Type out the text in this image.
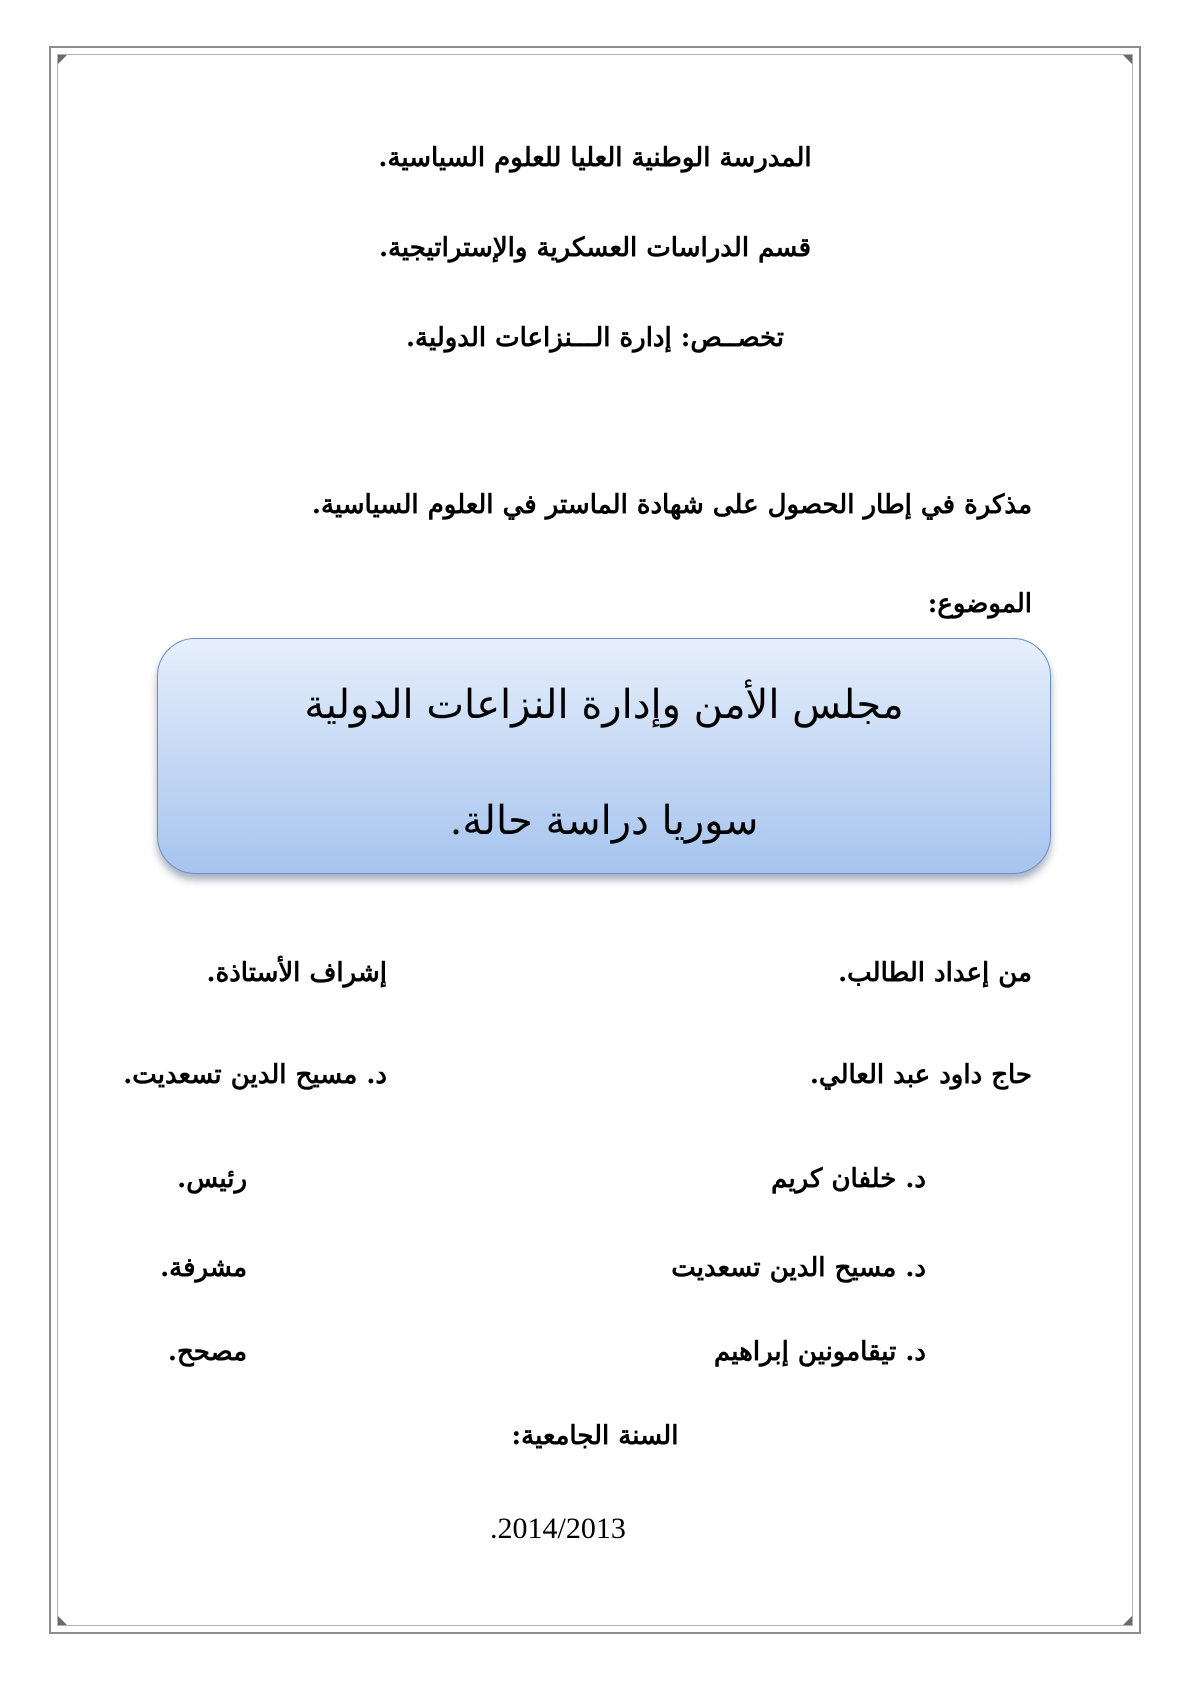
المدرسة الوطنية العليا للعلوم السياسية.
قسم الدراسات العسكرية والإستراتيجية.
تخصــص: إدارة الـــنزاعات الدولية.
مذكرة في إطار الحصول على شهادة الماستر في العلوم السياسية.
الموضوع:
مجلس الأمن وإدارة النزاعات الدولية
سوريا دراسة حالة.
من إعداد الطالب.
إشراف الأستاذة.
حاج داود عبد العالي.
د. مسيح الدين تسعديت.
د. خلفان كريم
رئيس.
د. مسيح الدين تسعديت
مشرفة.
د. تيقامونين إبراهيم
مصحح.
السنة الجامعية:
.2014/2013
